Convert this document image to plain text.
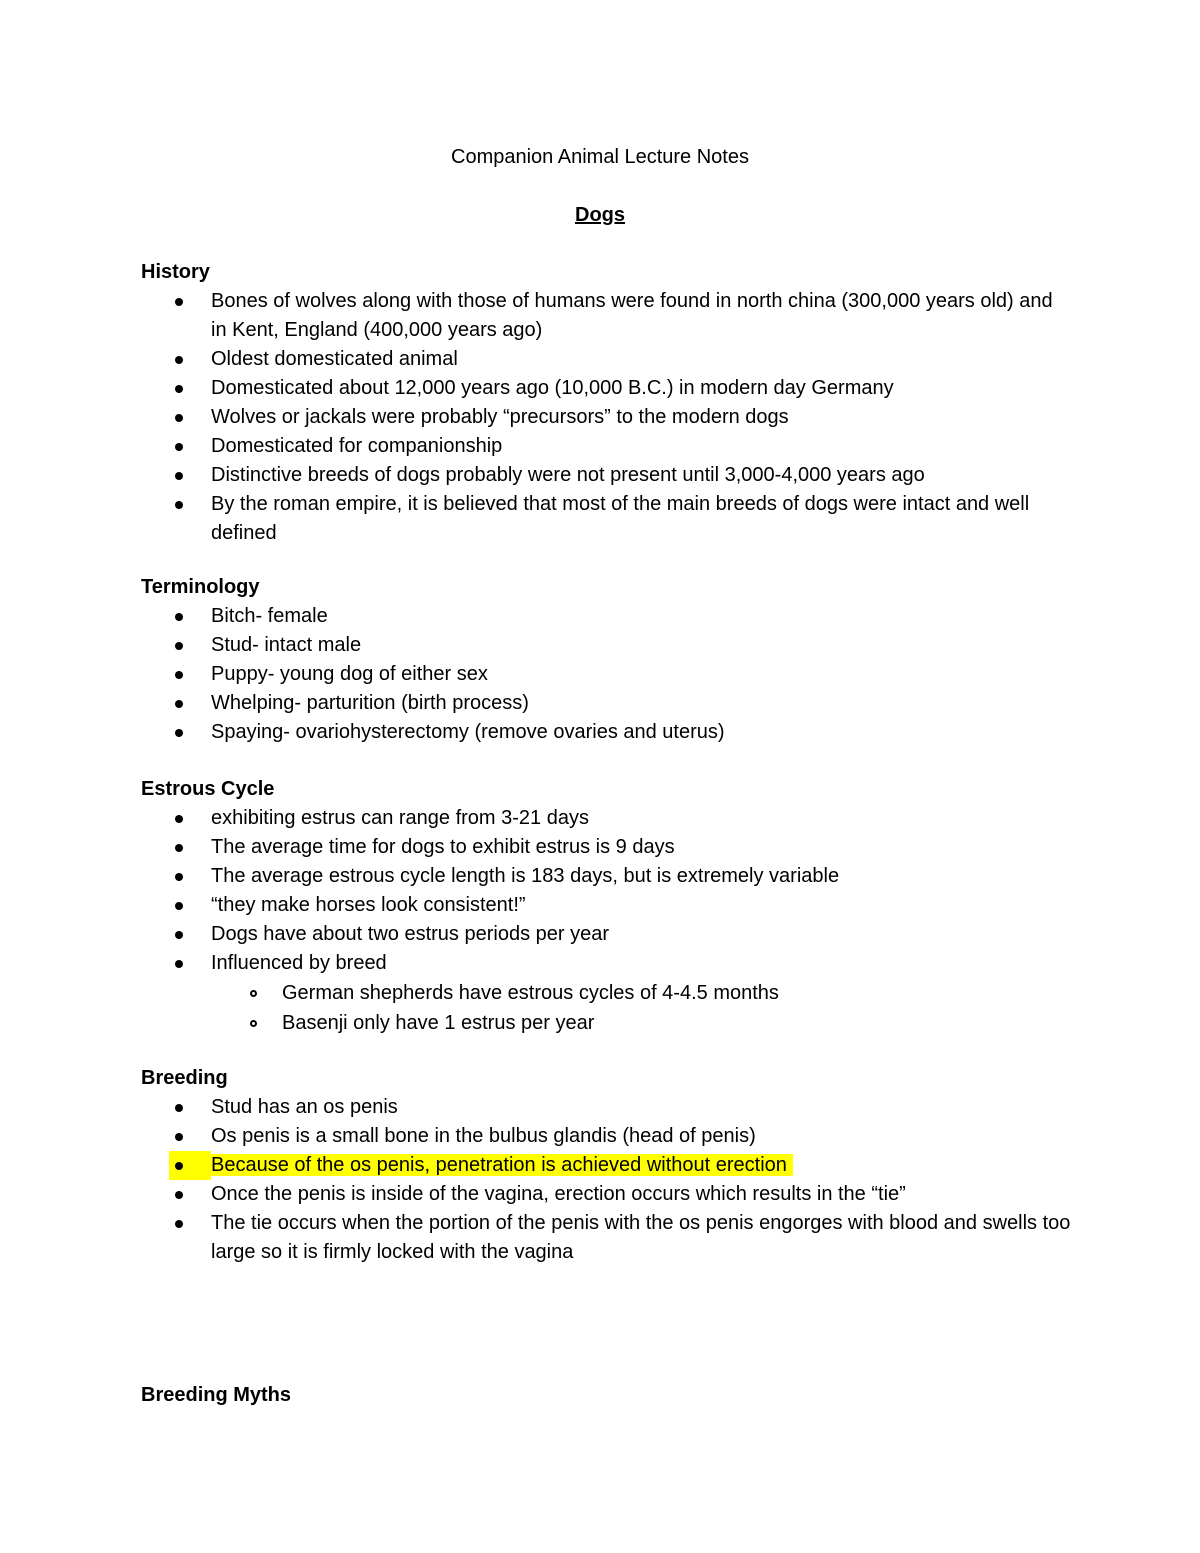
Companion Animal Lecture Notes
Dogs
History
Bones of wolves along with those of humans were found in north china (300,000 years old) and in Kent, England (400,000 years ago)
Oldest domesticated animal
Domesticated about 12,000 years ago (10,000 B.C.) in modern day Germany
Wolves or jackals were probably “precursors” to the modern dogs
Domesticated for companionship
Distinctive breeds of dogs probably were not present until 3,000-4,000 years ago
By the roman empire, it is believed that most of the main breeds of dogs were intact and well defined
Terminology
Bitch- female
Stud- intact male
Puppy- young dog of either sex
Whelping- parturition (birth process)
Spaying- ovariohysterectomy (remove ovaries and uterus)
Estrous Cycle
exhibiting estrus can range from 3-21 days
The average time for dogs to exhibit estrus is 9 days
The average estrous cycle length is 183 days, but is extremely variable
“they make horses look consistent!”
Dogs have about two estrus periods per year
Influenced by breed
German shepherds have estrous cycles of 4-4.5 months
Basenji only have 1 estrus per year
Breeding
Stud has an os penis
Os penis is a small bone in the bulbus glandis (head of penis)
Because of the os penis, penetration is achieved without erection
Once the penis is inside of the vagina, erection occurs which results in the “tie”
The tie occurs when the portion of the penis with the os penis engorges with blood and swells too large so it is firmly locked with the vagina
Breeding Myths
